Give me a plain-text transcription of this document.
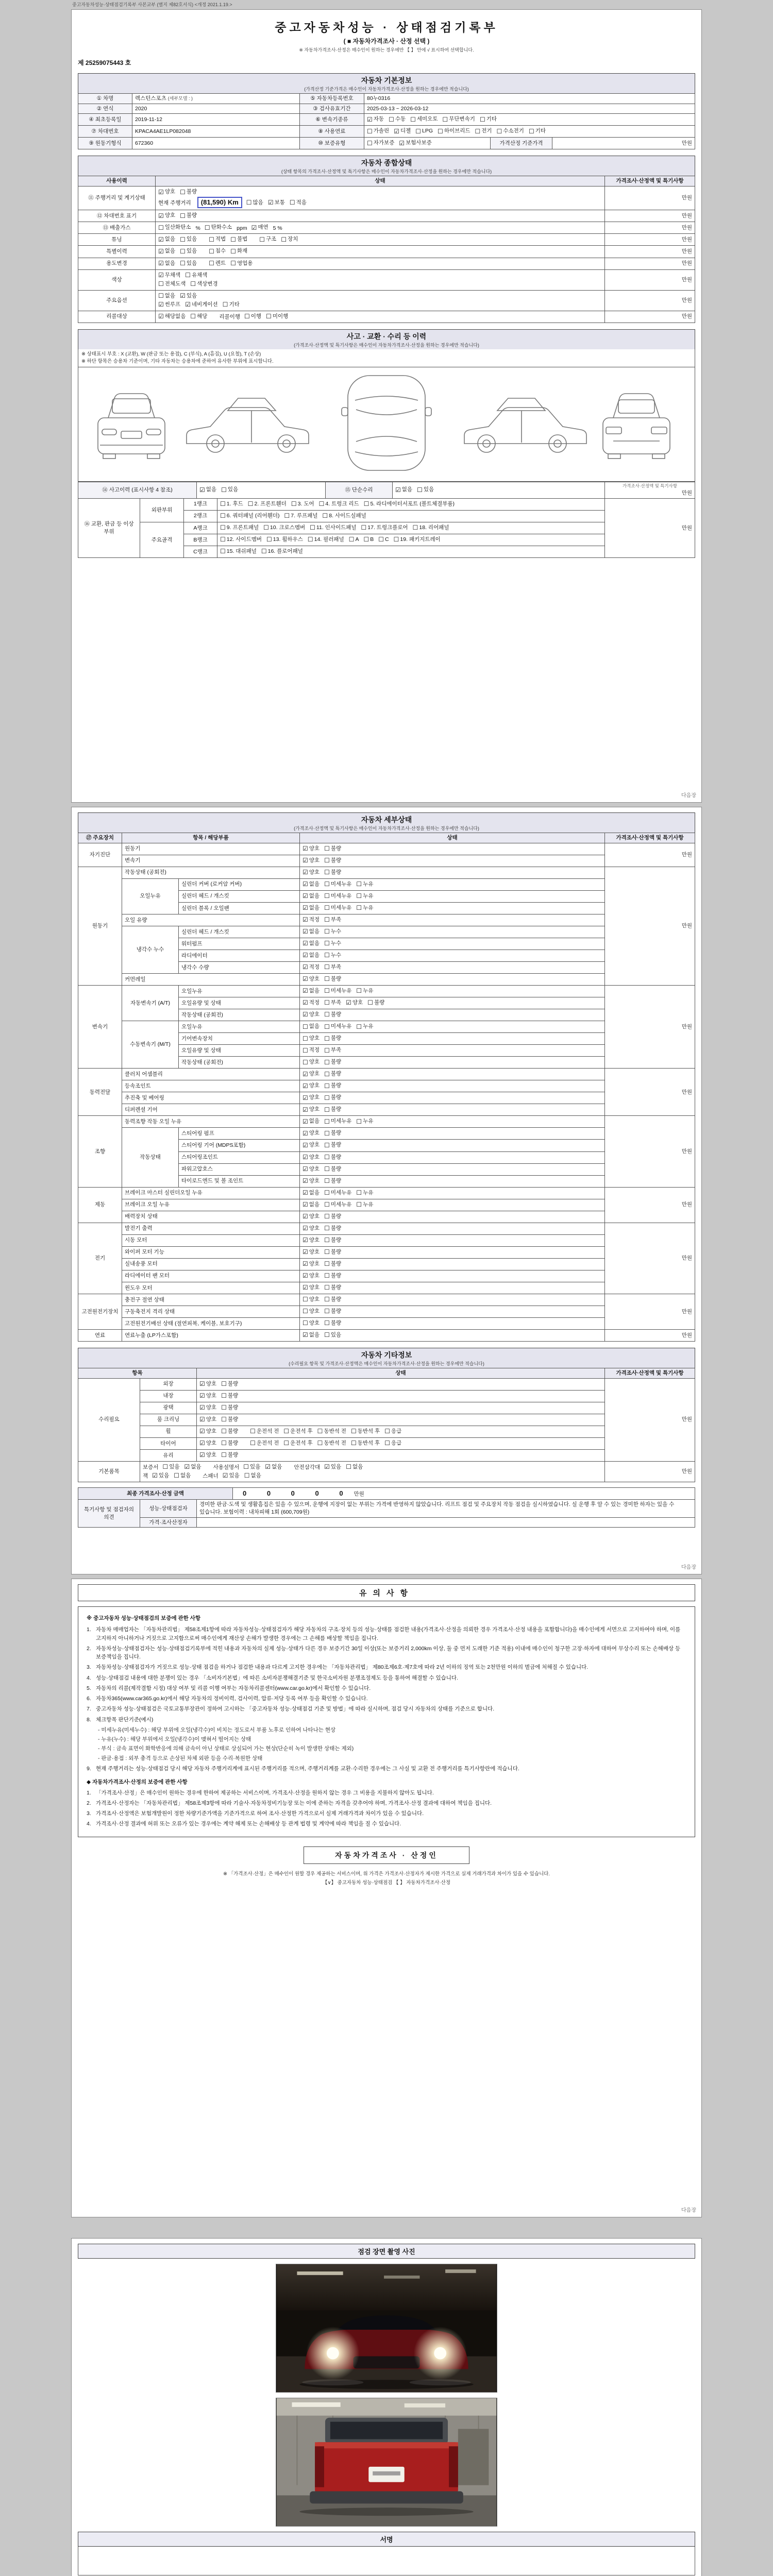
중고자동차성능·상태점검기록부 사본교부 (별지 제82호서식) <개정 2021.1.19.>
중고자동차성능 · 상태점검기록부
( ■ 자동차가격조사 · 산정 선택 )
※ 자동차가격조사·산정은 매수인이 원하는 경우에만 【 】 안에 √ 표시하여 선택합니다.
제 25259075443 호
자동차 기본정보
(가격산정 기준가격은 매수인이 자동차가격조사·산정을 원하는 경우에만 적습니다)
① 차명	렉스턴스포츠 (세부모델 : )	⑤ 자동차등록번호	80누0316		
② 연식	2020	③ 검사유효기간	2025-03-13 ~ 2026-03-12		
④ 최초등록일	2019-11-12	⑥ 변속기종류	☑ 자동 ☐ 수동 ☐ 세미오토 ☐ 무단변속기 ☐ 기타

⑦ 차대번호	KPACA4AE1LP082048	⑧ 사용연료	☐ 가솔린 ☑ 디젤 ☐ LPG ☐ 하이브리드 ☐ 전기 ☐ 수소전기 ☐ 기타

⑨ 원동기형식	672360	⑩ 보증유형	☐ 자가보증 ☑ 보험사보증	가격산정 기준가격	만원
자동차 종합상태
(상태 항목의 가격조사·산정액 및 특기사항은 매수인이 자동차가격조사·산정을 원하는 경우에만 적습니다)
사용이력	상태	가격조사·산정액 및 특기사항
⑪ 주행거리 및 계기상태	
☑ 양호 ☐ 불량
현재 주행거리 (81,590) Km ☐ 많음 ☑ 보통 ☐ 적음
	만원
⑫ 차대번호 표기	☑ 양호 ☐ 불량	만원
⑬ 배출가스	☐ 일산화탄소 % ☐ 탄화수소 ppm ☑ 매연 5 %	만원
튜닝	☑ 없음 ☐ 있음 ☐ 적법 ☐ 불법 ☐ 구조 ☐ 장치	만원
특별이력	☑ 없음 ☐ 있음 ☐ 침수 ☐ 화재	만원
용도변경	☑ 없음 ☐ 있음 ☐ 렌트 ☐ 영업용	만원
색상	
☑ 무채색 ☐ 유채색
☐ 전체도색 ☐ 색상변경
	만원
주요옵션	
☐ 없음 ☑ 있음
☑ 썬루프 ☑ 네비게이션 ☐ 기타
	만원
리콜대상	☑ 해당없음 ☐ 해당 리콜이행 ☐ 이행 ☐ 미이행	만원
사고 · 교환 · 수리 등 이력
(가격조사·산정액 및 특기사항은 매수인이 자동차가격조사·산정을 원하는 경우에만 적습니다)
※ 상태표시 부호 : X (교환), W (판금 또는 용접), C (부식), A (흠집), U (요철), T (손상)
※ 하단 항목은 승용차 기준이며, 기타 자동차는 승용차에 준하여 유사한 부위에 표시합니다.
⑭ 사고이력 (표시사항 4 참조)	☑ 없음 ☐ 있음	⑮ 단순수리	☑ 없음 ☐ 있음

가격조사·산정액 및 특기사항
만원
⑯ 교환, 판금 등 이상 부위	외판부위	1랭크	☐ 1. 후드 ☐ 2. 프론트휀더 ☐ 3. 도어 ☐ 4. 트렁크 리드 ☐ 5. 라디에이터서포트 (볼트체결부품)
	만원
2랭크	☐ 6. 쿼터패널 (리어휀더) ☐ 7. 루프패널 ☐ 8. 사이드실패널

주요골격	A랭크	☐ 9. 프론트패널 ☐ 10. 크로스멤버 ☐ 11. 인사이드패널 ☐ 17. 트렁크플로어 ☐ 18. 리어패널

B랭크	☐ 12. 사이드멤버 ☐ 13. 휠하우스 ☐ 14. 필러패널 ☐ A ☐ B ☐ C ☐ 19. 패키지트레이

		C랭크	☐ 15. 대쉬패널 ☐ 16. 플로어패널	
다음장
자동차 세부상태
(가격조사·산정액 및 특기사항은 매수인이 자동차가격조사·산정을 원하는 경우에만 적습니다)
⑰ 주요장치	항목 / 해당부품		상태	가격조사·산정액 및 특기사항
자기진단	원동기		☑ 양호 ☐ 불량	만원
	변속기		☑ 양호 ☐ 불량	

원동기	작동상태 (공회전)		☑ 양호 ☐ 불량	만원
오일누유	실린더 커버 (로커암 커버)	☑ 없음 ☐ 미세누유 ☐ 누유

실린더 헤드 / 개스킷	☑ 없음 ☐ 미세누유 ☐ 누유

실린더 블록 / 오일팬	☑ 없음 ☐ 미세누유 ☐ 누유

	오일 유량		☑ 적정 ☐ 부족	

	냉각수 누수	실린더 헤드 / 개스킷	☑ 없음 ☐ 누수	

		워터펌프	☑ 없음 ☐ 누수	

		라디에이터	☑ 없음 ☐ 누수	

		냉각수 수량	☑ 적정 ☐ 부족	

	커먼레일		☑ 양호 ☐ 불량	

변속기	자동변속기 (A/T)	오일누유	☑ 없음 ☐ 미세누유 ☐ 누유
	만원
오일유량 및 상태	☑ 적정 ☐ 부족 ☑ 양호 ☐ 불량

		작동상태 (공회전)	☑ 양호 ☐ 불량	

수동변속기 (M/T)	오일누유	☐ 없음 ☐ 미세누유 ☐ 누유

		기어변속장치	☐ 양호 ☐ 불량	

		오일유량 및 상태	☐ 적정 ☐ 부족	

		작동상태 (공회전)	☐ 양호 ☐ 불량	

동력전달	클러치 어셈블리		☑ 양호 ☐ 불량	만원
	등속조인트		☑ 양호 ☐ 불량	

	추진축 및 베어링		☑ 양호 ☐ 불량	

	디퍼렌셜 기어		☑ 양호 ☐ 불량	

조향	동력조향 작동 오일 누유	☑ 없음 ☐ 미세누유 ☐ 누유
	만원
	작동상태	스티어링 펌프	☑ 양호 ☐ 불량	

		스티어링 기어 (MDPS포함)	☑ 양호 ☐ 불량	

		스티어링조인트	☑ 양호 ☐ 불량	

		파워고압호스	☑ 양호 ☐ 불량	

		타이로드엔드 및 볼 조인트	☑ 양호 ☐ 불량	

제동	브레이크 마스터 실린더오일 누유	☑ 없음 ☐ 미세누유 ☐ 누유
	만원
브레이크 오일 누유	☑ 없음 ☐ 미세누유 ☐ 누유

	배력장치 상태		☑ 양호 ☐ 불량	

전기	발전기 출력		☑ 양호 ☐ 불량	만원
	시동 모터		☑ 양호 ☐ 불량	

	와이퍼 모터 기능		☑ 양호 ☐ 불량	

	실내송풍 모터		☑ 양호 ☐ 불량	

	라디에이터 팬 모터		☑ 양호 ☐ 불량	

	윈도우 모터		☑ 양호 ☐ 불량	

고전원전기장치	충전구 절연 상태		☐ 양호 ☐ 불량	만원
	구동축전지 격리 상태		☐ 양호 ☐ 불량	

	고전원전기배선 상태 (절연피복, 케이블, 보호기구)		☐ 양호 ☐ 불량	

연료	연료누출 (LP가스포함)		☑ 없음 ☐ 있음	만원
자동차 기타정보
(수리필요 항목 및 가격조사·산정액은 매수인이 자동차가격조사·산정을 원하는 경우에만 적습니다)
항목		상태	가격조사·산정액 및 특기사항
수리필요	외장	☑ 양호 ☐ 불량	만원
	내장	☑ 양호 ☐ 불량	

	광택	☑ 양호 ☐ 불량	

	룸 크리닝	☑ 양호 ☐ 불량	

휠	☑ 양호 ☐ 불량 ☐ 운전석 전 ☐ 운전석 후 ☐ 동반석 전 ☐ 동반석 후 ☐ 응급

타이어	☑ 양호 ☐ 불량 ☐ 운전석 전 ☐ 운전석 후 ☐ 동반석 전 ☐ 동반석 후 ☐ 응급

	유리	☑ 양호 ☐ 불량	

기본품목	
보증서 ☐ 있음 ☑ 없음 사용설명서 ☐ 있음 ☑ 없음 안전삼각대 ☑ 있음 ☐ 없음
잭 ☑ 있음 ☐ 없음 스패너 ☑ 있음 ☐ 없음
	만원
최종 가격조사·산정 금액	0 0 0 0 0 만원
특기사항 및 점검자의 의견	성능·상태점검자	경미한 판금·도색 및 생활흠집은 있을 수 있으며, 운행에 지장이 없는 부위는 가격에 반영하지 않았습니다. 리프트 점검 및 주요장치 작동 점검을 실시하였습니다. 실 운행 후 알 수 있는 경미한 하자는 있을 수 있습니다. 보험이력 : 내차피해 1회 (600,709원)
	가격·조사산정자	
다음장
유의사항
※ 중고자동차 성능·상태점검의 보증에 관한 사항
1. 자동차 매매업자는 「자동차관리법」 제58조제1항에 따라 자동차성능·상태점검자가 해당 자동차의 구조·장치 등의 성능·상태를 점검한 내용(가격조사·산정을 의뢰한 경우 가격조사·산정 내용을 포함합니다)을 매수인에게 서면으로 고지하여야 하며, 이를 고지하지 아니하거나 거짓으로 고지함으로써 매수인에게 재산상 손해가 발생한 경우에는 그 손해를 배상할 책임을 집니다.
2. 자동차성능·상태점검자는 성능·상태점검기록부에 적힌 내용과 자동차의 실제 성능·상태가 다른 경우 보증기간 30일 이상(또는 보증거리 2,000km 이상, 둘 중 먼저 도래한 기준 적용) 이내에 매수인이 청구한 고장·하자에 대하여 무상수리 또는 손해배상 등 보증책임을 집니다.
3. 자동차성능·상태점검자가 거짓으로 성능·상태 점검을 하거나 점검한 내용과 다르게 고지한 경우에는 「자동차관리법」 제80조제6호·제7호에 따라 2년 이하의 징역 또는 2천만원 이하의 벌금에 처해질 수 있습니다.
4. 성능·상태점검 내용에 대한 분쟁이 있는 경우 「소비자기본법」에 따른 소비자분쟁해결기준 및 한국소비자원 분쟁조정제도 등을 통하여 해결할 수 있습니다.
5. 자동차의 리콜(제작결함 시정) 대상 여부 및 리콜 이행 여부는 자동차리콜센터(www.car.go.kr)에서 확인할 수 있습니다.
6. 자동차365(www.car365.go.kr)에서 해당 자동차의 정비이력, 검사이력, 압류·저당 등록 여부 등을 확인할 수 있습니다.
7. 중고자동차 성능·상태점검은 국토교통부장관이 정하여 고시하는 「중고자동차 성능·상태점검 기준 및 방법」에 따라 실시하며, 점검 당시 자동차의 상태를 기준으로 합니다.
8. 체크항목 판단기준(예시)
- 미세누유(미세누수) : 해당 부위에 오일(냉각수)이 비치는 정도로서 부품 노후로 인하여 나타나는 현상
- 누유(누수) : 해당 부위에서 오일(냉각수)이 맺혀서 떨어지는 상태
- 부식 : 금속 표면이 화학반응에 의해 금속이 아닌 상태로 상실되어 가는 현상(단순히 녹이 발생한 상태는 제외)
- 판금·용접 : 외부 충격 등으로 손상된 차체 외판 등을 수리·복원한 상태
9. 현재 주행거리는 성능·상태점검 당시 해당 자동차 주행거리계에 표시된 주행거리를 적으며, 주행거리계를 교환·수리한 경우에는 그 사실 및 교환 전 주행거리를 특기사항란에 적습니다.
◆ 자동차가격조사·산정의 보증에 관한 사항
1. 「가격조사·산정」은 매수인이 원하는 경우에 한하여 제공하는 서비스이며, 가격조사·산정을 원하지 않는 경우 그 비용을 지불하지 않아도 됩니다.
2. 가격조사·산정자는 「자동차관리법」 제58조제3항에 따라 기술사·자동차정비기능장 또는 이에 준하는 자격을 갖추어야 하며, 가격조사·산정 결과에 대하여 책임을 집니다.
3. 가격조사·산정액은 보험개발원이 정한 차량기준가액을 기준가격으로 하여 조사·산정한 가격으로서 실제 거래가격과 차이가 있을 수 있습니다.
4. 가격조사·산정 결과에 허위 또는 오류가 있는 경우에는 계약 해제 또는 손해배상 등 관계 법령 및 계약에 따라 책임을 질 수 있습니다.
자동차가격조사 · 산정인
※ 「가격조사·산정」은 매수인이 원할 경우 제공하는 서비스이며, 위 가격은 가격조사·산정자가 제시한 가격으로 실제 거래가격과 차이가 있을 수 있습니다.
【∨】 중고자동차 성능·상태점검 【 】 자동차가격조사·산정
다음장
점검 장면 촬영 사진
서명
